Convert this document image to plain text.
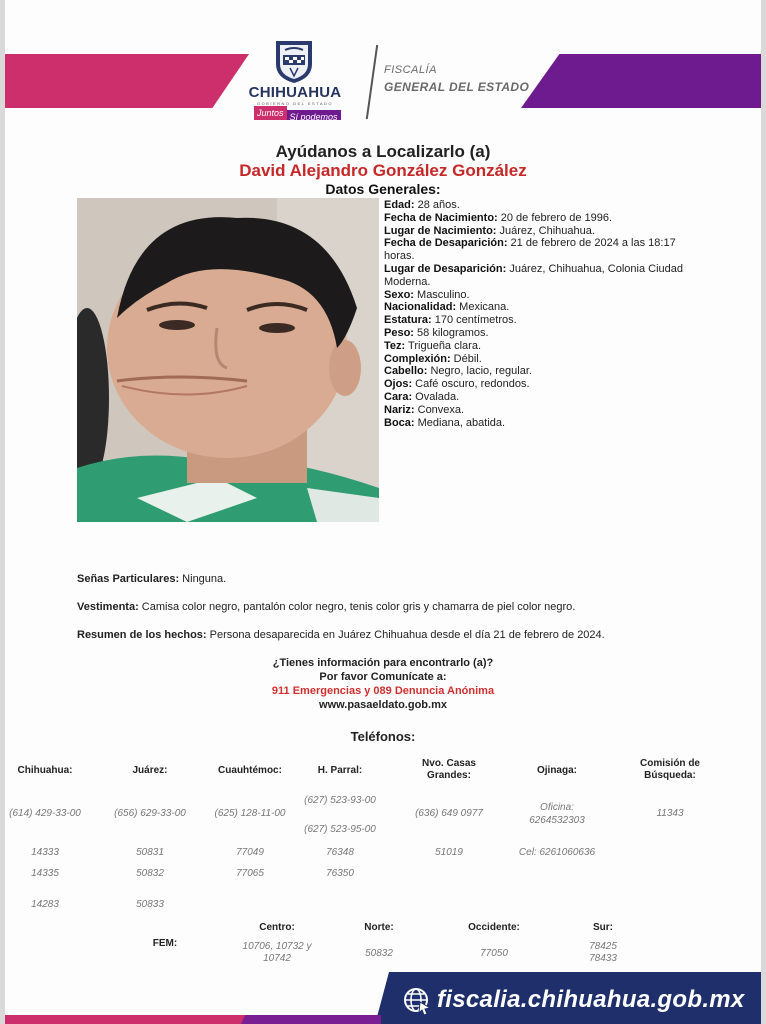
CHIHUAHUA
GOBIERNO DEL ESTADO
Juntos Sí podemos
FISCALÍA
GENERAL DEL ESTADO
Ayúdanos a Localizarlo (a)
David Alejandro González González
Datos Generales:
Edad: 28 años.
Fecha de Nacimiento: 20 de febrero de 1996.
Lugar de Nacimiento: Juárez, Chihuahua.
Fecha de Desaparición: 21 de febrero de 2024 a las 18:17 horas.
Lugar de Desaparición: Juárez, Chihuahua, Colonia Ciudad Moderna.
Sexo: Masculino.
Nacionalidad: Mexicana.
Estatura: 170 centímetros.
Peso: 58 kilogramos.
Tez: Trigueña clara.
Complexión: Débil.
Cabello: Negro, lacio, regular.
Ojos: Café oscuro, redondos.
Cara: Ovalada.
Nariz: Convexa.
Boca: Mediana, abatida.
Señas Particulares: Ninguna.
Vestimenta: Camisa color negro, pantalón color negro, tenis color gris y chamarra de piel color negro.
Resumen de los hechos: Persona desaparecida en Juárez Chihuahua desde el día 21 de febrero de 2024.
¿Tienes información para encontrarlo (a)?
Por favor Comunícate a:
911 Emergencias y 089 Denuncia Anónima
www.pasaeldato.gob.mx
Teléfonos:
fiscalia.chihuahua.gob.mx
Chihuahua:
(614) 429-33-00
14333
14335
14283
Juárez:
(656) 629-33-00
50831
50832
50833
Cuauhtémoc:
(625) 128-11-00
77049
77065
H. Parral:
(627) 523-93-00
(627) 523-95-00
76348
76350
Nvo. Casas Grandes:
(636) 649 0977
51019
Ojinaga:
Oficina:
6264532303
Cel: 6261060636
Comisión de Búsqueda:
11343
FEM:
Centro:
10706, 10732 y
10742
Norte:
50832
Occidente:
77050
Sur:
78425
78433
